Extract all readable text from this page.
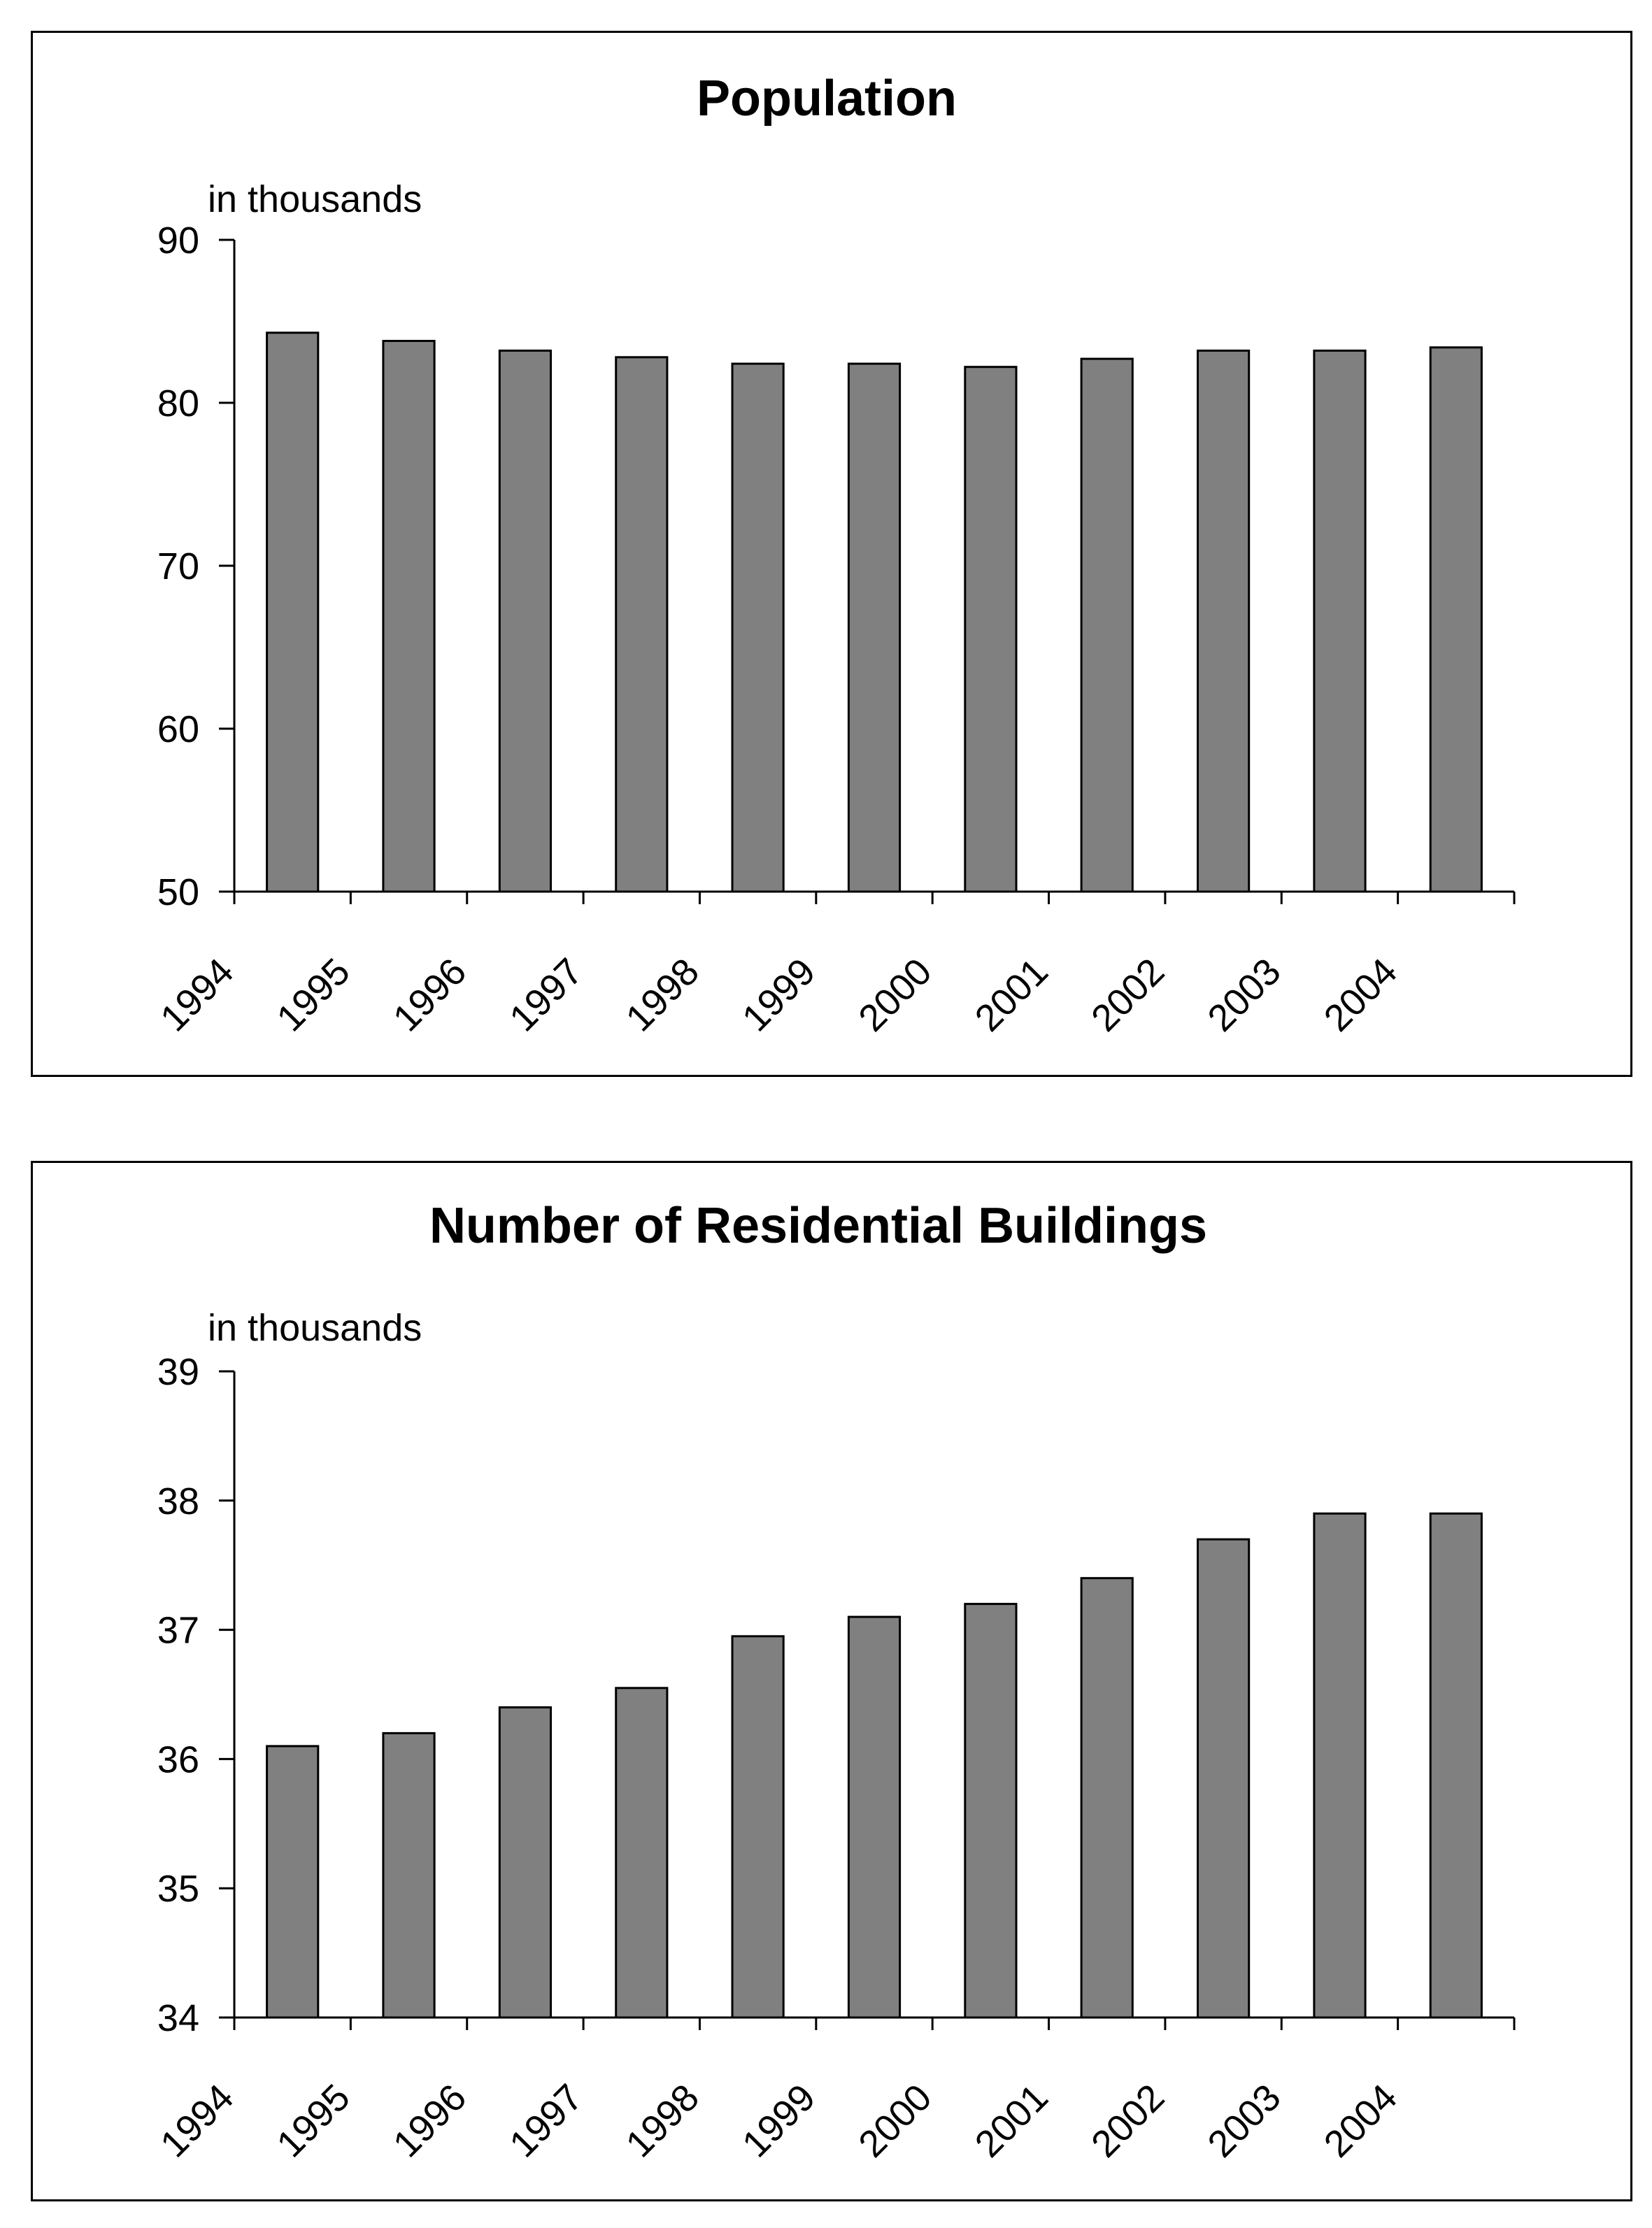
Population
in thousands
50
60
70
80
90
1994 1995 1996 1997 1998 1999 2000 2001 2002 2003 2004
Number of Residential Buildings
in thousands
34
35
36
37
38
39
1994 1995 1996 1997 1998 1999 2000 2001 2002 2003 2004
